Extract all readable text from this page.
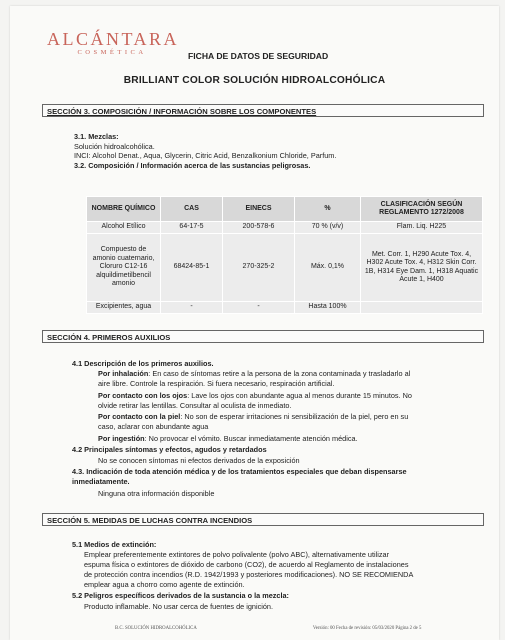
ALCÁNTARA
COSMÉTICA	FICHA DE DATOS DE SEGURIDAD
BRILLIANT COLOR SOLUCIÓN HIDROALCOHÓLICA
SECCIÓN 3. COMPOSICIÓN / INFORMACIÓN SOBRE LOS COMPONENTES
3.1. Mezclas:
Solución hidroalcohólica.
INCI: Alcohol Denat., Aqua, Glycerin, Citric Acid, Benzalkonium Chloride, Parfum.
3.2. Composición / Información acerca de las sustancias peligrosas.
NOMBRE QUÍMICO	CAS	EINECS	%	CLASIFICACIÓN SEGÚN REGLAMENTO 1272/2008
Alcohol Etílico	64-17-5	200-578-6	70 % (v/v)	Flam. Liq. H225
Compuesto de amonio cuaternario, Cloruro C12-16 alquildimetilbencil amonio	68424-85-1	270-325-2	Máx. 0,1%	Met. Corr. 1, H290 Acute Tox. 4, H302 Acute Tox. 4, H312 Skin Corr. 1B, H314 Eye Dam. 1, H318 Aquatic Acute 1, H400
Excipientes, agua	-	-	Hasta 100%	
SECCIÓN 4. PRIMEROS AUXILIOS
4.1 Descripción de los primeros auxilios.
Por inhalación: En caso de síntomas retire a la persona de la zona contaminada y trasladarlo al
aire libre. Controle la respiración. Si fuera necesario, respiración artificial.
Por contacto con los ojos: Lave los ojos con abundante agua al menos durante 15 minutos. No
olvide retirar las lentillas. Consultar al oculista de inmediato.
Por contacto con la piel: No son de esperar irritaciones ni sensibilización de la piel, pero en su
caso, aclarar con abundante agua
Por ingestión: No provocar el vómito. Buscar inmediatamente atención médica.
4.2 Principales síntomas y efectos, agudos y retardados
No se conocen síntomas ni efectos derivados de la exposición
4.3. Indicación de toda atención médica y de los tratamientos especiales que deban dispensarse
inmediatamente.
Ninguna otra información disponible
SECCIÓN 5. MEDIDAS DE LUCHAS CONTRA INCENDIOS
5.1 Medios de extinción:
Emplear preferentemente extintores de polvo polivalente (polvo ABC), alternativamente utilizar
espuma física o extintores de dióxido de carbono (CO2), de acuerdo al Reglamento de instalaciones
de protección contra incendios (R.D. 1942/1993 y posteriores modificaciones). NO SE RECOMIENDA
emplear agua a chorro como agente de extinción.
5.2 Peligros específicos derivados de la sustancia o la mezcla:
Producto inflamable. No usar cerca de fuentes de ignición.
B.C. SOLUCIÓN HIDROALCOHÓLICA	Versión: 00 Fecha de revisión: 05/03/2020 Página 2 de 5
